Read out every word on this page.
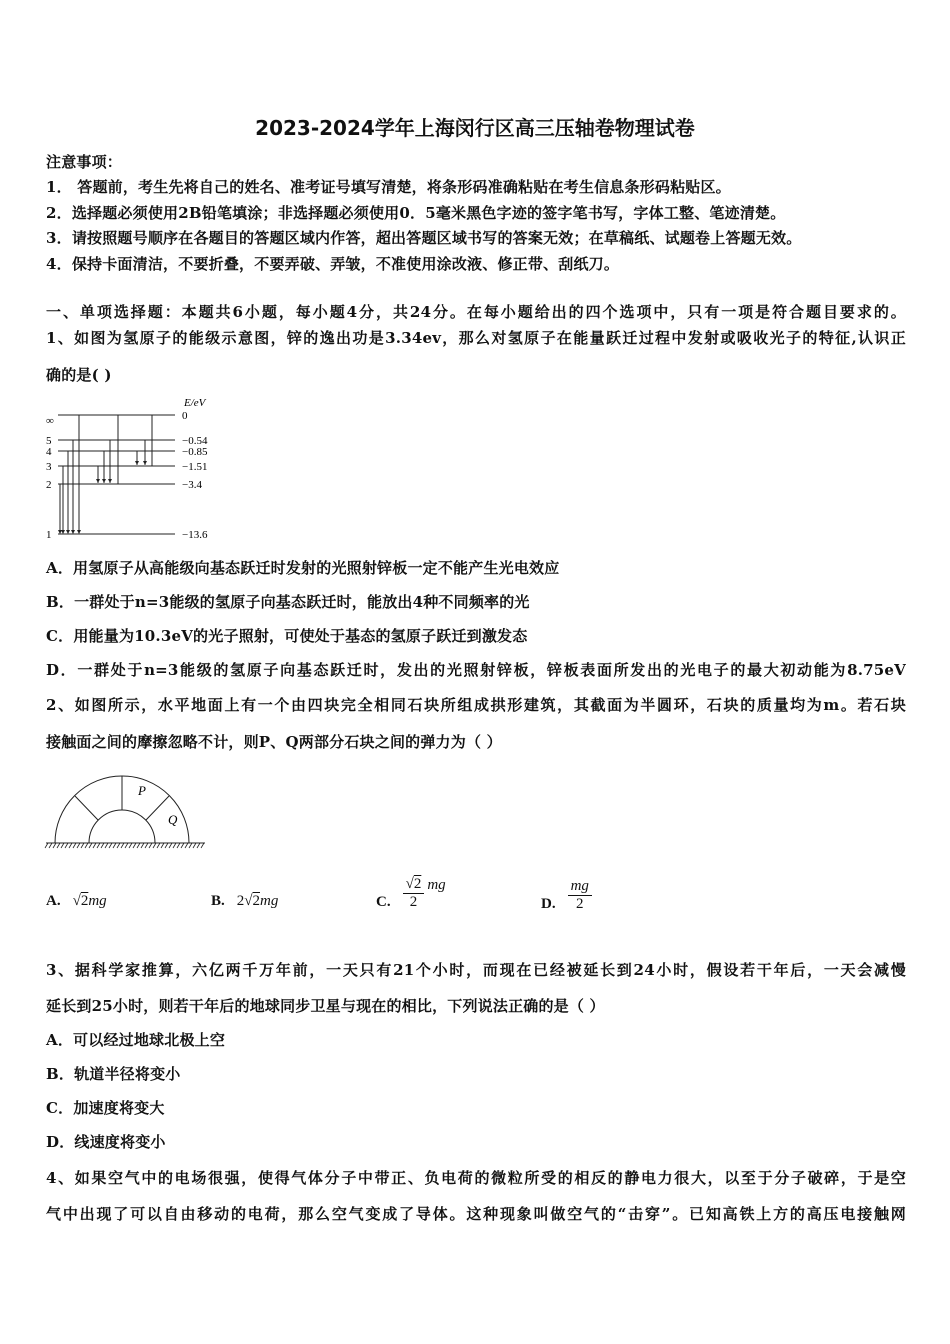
2023-2024学年上海闵行区高三压轴卷物理试卷
注意事项：
1． 答题前，考生先将自己的姓名、准考证号填写清楚，将条形码准确粘贴在考生信息条形码粘贴区。
2．选择题必须使用2B铅笔填涂；非选择题必须使用0．5毫米黑色字迹的签字笔书写，字体工整、笔迹清楚。
3．请按照题号顺序在各题目的答题区域内作答，超出答题区域书写的答案无效；在草稿纸、试题卷上答题无效。
4．保持卡面清洁，不要折叠，不要弄破、弄皱，不准使用涂改液、修正带、刮纸刀。
一、单项选择题：本题共6小题，每小题4分，共24分。在每小题给出的四个选项中，只有一项是符合题目要求的。
1、如图为氢原子的能级示意图，锌的逸出功是3.34ev，那么对氢原子在能量跃迁过程中发射或吸收光子的特征,认识正
确的是( )
E/eV
∞
5
4
3
2
1
0
−0.54
−0.85
−1.51
−3.4
−13.6
A．用氢原子从高能级向基态跃迁时发射的光照射锌板一定不能产生光电效应
B．一群处于n=3能级的氢原子向基态跃迁时，能放出4种不同频率的光
C．用能量为10.3eV的光子照射，可使处于基态的氢原子跃迁到激发态
D．一群处于n=3能级的氢原子向基态跃迁时，发出的光照射锌板，锌板表面所发出的光电子的最大初动能为8.75eV
2、如图所示，水平地面上有一个由四块完全相同石块所组成拱形建筑，其截面为半圆环，石块的质量均为m。若石块
接触面之间的摩擦忽略不计，则P、Q两部分石块之间的弹力为（ ）
P
Q
A. √ 2 mg	B. 2 √ 2 mg	C. $\frac{√2}{2}$ mg
D. $\frac{mg}{2}$
3、据科学家推算，六亿两千万年前，一天只有21个小时，而现在已经被延长到24小时，假设若干年后，一天会减慢
延长到25小时，则若干年后的地球同步卫星与现在的相比，下列说法正确的是（ ）
A．可以经过地球北极上空
B．轨道半径将变小
C．加速度将变大
D．线速度将变小
4、如果空气中的电场很强，使得气体分子中带正、负电荷的微粒所受的相反的静电力很大，以至于分子破碎，于是空
气中出现了可以自由移动的电荷，那么空气变成了导体。这种现象叫做空气的“击穿”。已知高铁上方的高压电接触网
